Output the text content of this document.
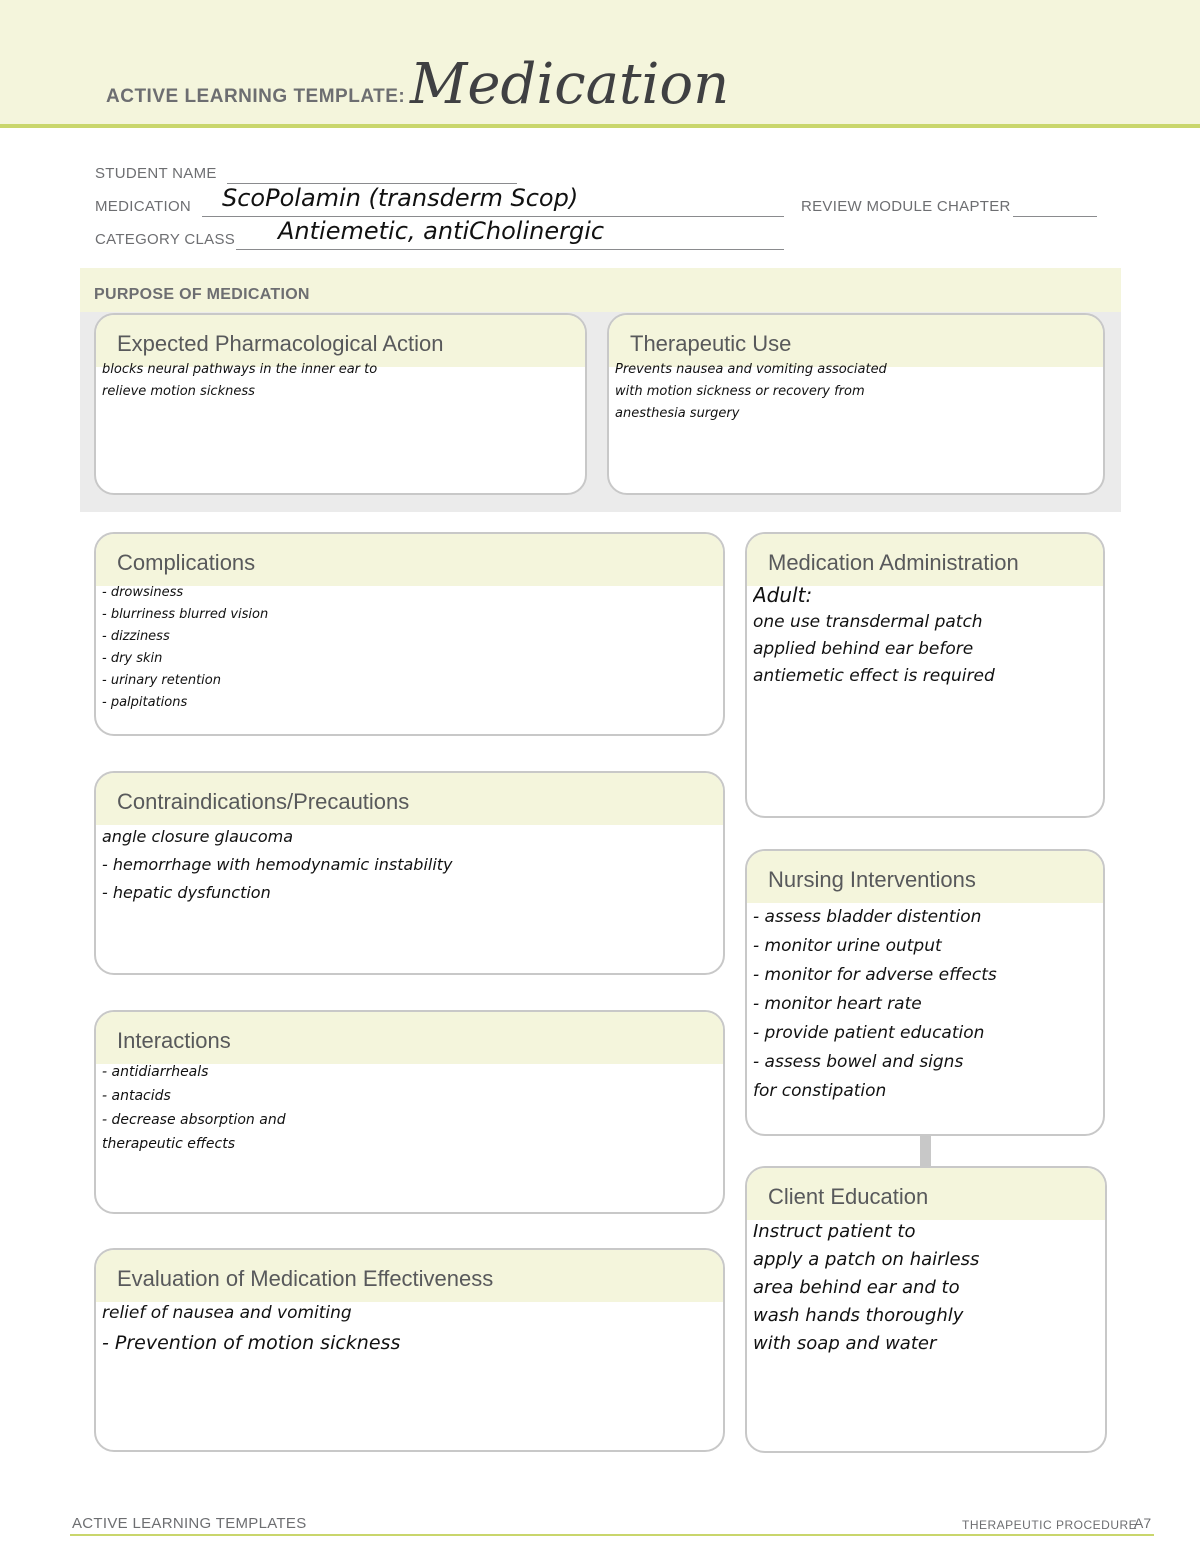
ACTIVE LEARNING TEMPLATE: Medication
STUDENT NAME
MEDICATION ScoPolamin (transderm Scop)	REVIEW MODULE CHAPTER
CATEGORY CLASS Antiemetic, antiCholinergic
PURPOSE OF MEDICATION
Expected Pharmacological Action
blocks neural pathways in the inner ear to
relieve motion sickness
Therapeutic Use
Prevents nausea and vomiting associated
with motion sickness or recovery from
anesthesia surgery
Complications
- drowsiness
- blurriness blurred vision
- dizziness
- dry skin
- urinary retention
- palpitations
Medication Administration
Adult:
one use transdermal patch
applied behind ear before
antiemetic effect is required
Contraindications/Precautions
angle closure glaucoma
- hemorrhage with hemodynamic instability
- hepatic dysfunction
Nursing Interventions
- assess bladder distention
- monitor urine output
- monitor for adverse effects
- monitor heart rate
- provide patient education
- assess bowel and signs
for constipation
Interactions
- antidiarrheals
- antacids
- decrease absorption and
therapeutic effects
Client Education
Instruct patient to
apply a patch on hairless
area behind ear and to
wash hands thoroughly
with soap and water
Evaluation of Medication Effectiveness
relief of nausea and vomiting
- Prevention of motion sickness
ACTIVE LEARNING TEMPLATES	THERAPEUTIC PROCEDURE
A7
